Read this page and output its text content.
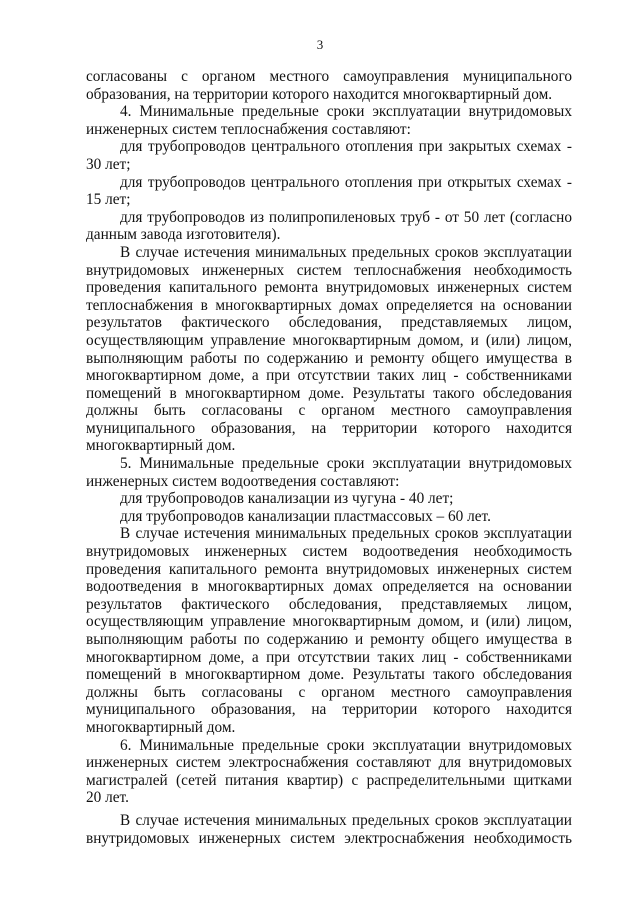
3
согласованы с органом местного самоуправления муниципального
образования, на территории которого находится многоквартирный дом.
4. Минимальные предельные сроки эксплуатации внутридомовых
инженерных систем теплоснабжения составляют:
для трубопроводов центрального отопления при закрытых схемах -
30 лет;
для трубопроводов центрального отопления при открытых схемах -
15 лет;
для трубопроводов из полипропиленовых труб - от 50 лет (согласно
данным завода изготовителя).
В случае истечения минимальных предельных сроков эксплуатации
внутридомовых инженерных систем теплоснабжения необходимость
проведения капитального ремонта внутридомовых инженерных систем
теплоснабжения в многоквартирных домах определяется на основании
результатов фактического обследования, представляемых лицом,
осуществляющим управление многоквартирным домом, и (или) лицом,
выполняющим работы по содержанию и ремонту общего имущества в
многоквартирном доме, а при отсутствии таких лиц - собственниками
помещений в многоквартирном доме. Результаты такого обследования
должны быть согласованы с органом местного самоуправления
муниципального образования, на территории которого находится
многоквартирный дом.
5. Минимальные предельные сроки эксплуатации внутридомовых
инженерных систем водоотведения составляют:
для трубопроводов канализации из чугуна - 40 лет;
для трубопроводов канализации пластмассовых – 60 лет.
В случае истечения минимальных предельных сроков эксплуатации
внутридомовых инженерных систем водоотведения необходимость
проведения капитального ремонта внутридомовых инженерных систем
водоотведения в многоквартирных домах определяется на основании
результатов фактического обследования, представляемых лицом,
осуществляющим управление многоквартирным домом, и (или) лицом,
выполняющим работы по содержанию и ремонту общего имущества в
многоквартирном доме, а при отсутствии таких лиц - собственниками
помещений в многоквартирном доме. Результаты такого обследования
должны быть согласованы с органом местного самоуправления
муниципального образования, на территории которого находится
многоквартирный дом.
6. Минимальные предельные сроки эксплуатации внутридомовых
инженерных систем электроснабжения составляют для внутридомовых
магистралей (сетей питания квартир) с распределительными щитками
20 лет.
В случае истечения минимальных предельных сроков эксплуатации
внутридомовых инженерных систем электроснабжения необходимость
